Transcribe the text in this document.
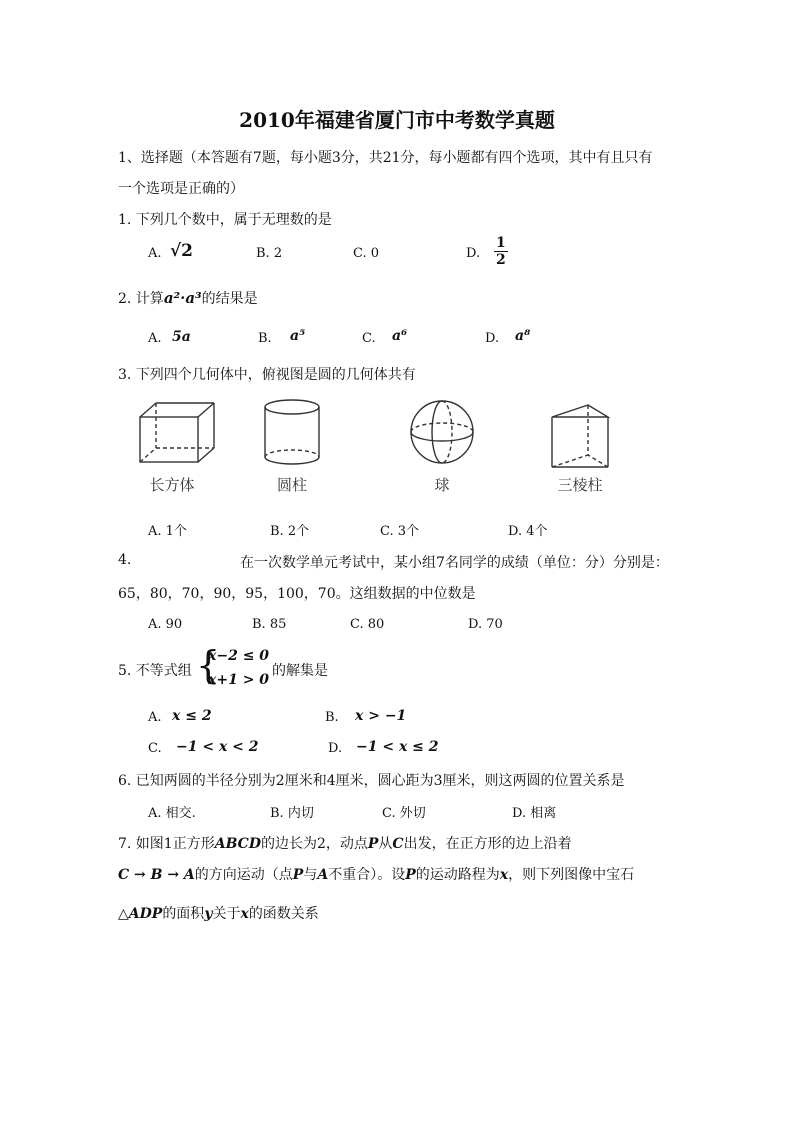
2010年福建省厦门市中考数学真题
1、选择题（本答题有7题，每小题3分，共21分，每小题都有四个选项，其中有且只有
一个选项是正确的）
1. 下列几个数中，属于无理数的是
A. √2	B. 2	C. 0	D. $\frac{1}{2}$
2. 计算a²·a³的结果是
A. 5a	B. a⁵	C. a⁶	D. a⁸
3. 下列四个几何体中，俯视图是圆的几何体共有
长方体	圆柱	球	三棱柱
A. 1个	B. 2个	C. 3个	D. 4个
4.	在一次数学单元考试中，某小组7名同学的成绩（单位：分）分别是：
65，80，70，90，95，100，70。这组数据的中位数是
A. 90	B. 85	C. 80	D. 70
5. 不等式组 {
x−2 ≤ 0
x+1 > 0
的解集是
A. x ≤ 2	B. x > −1
C. −1 < x < 2	D. −1 < x ≤ 2
6. 已知两圆的半径分别为2厘米和4厘米，圆心距为3厘米，则这两圆的位置关系是
A. 相交.	B. 内切	C. 外切	D. 相离
7. 如图1正方形ABCD的边长为2，动点P从C出发，在正方形的边上沿着
C → B → A的方向运动（点P与A不重合）。设P的运动路程为x，则下列图像中宝石
△ADP的面积y关于x的函数关系
